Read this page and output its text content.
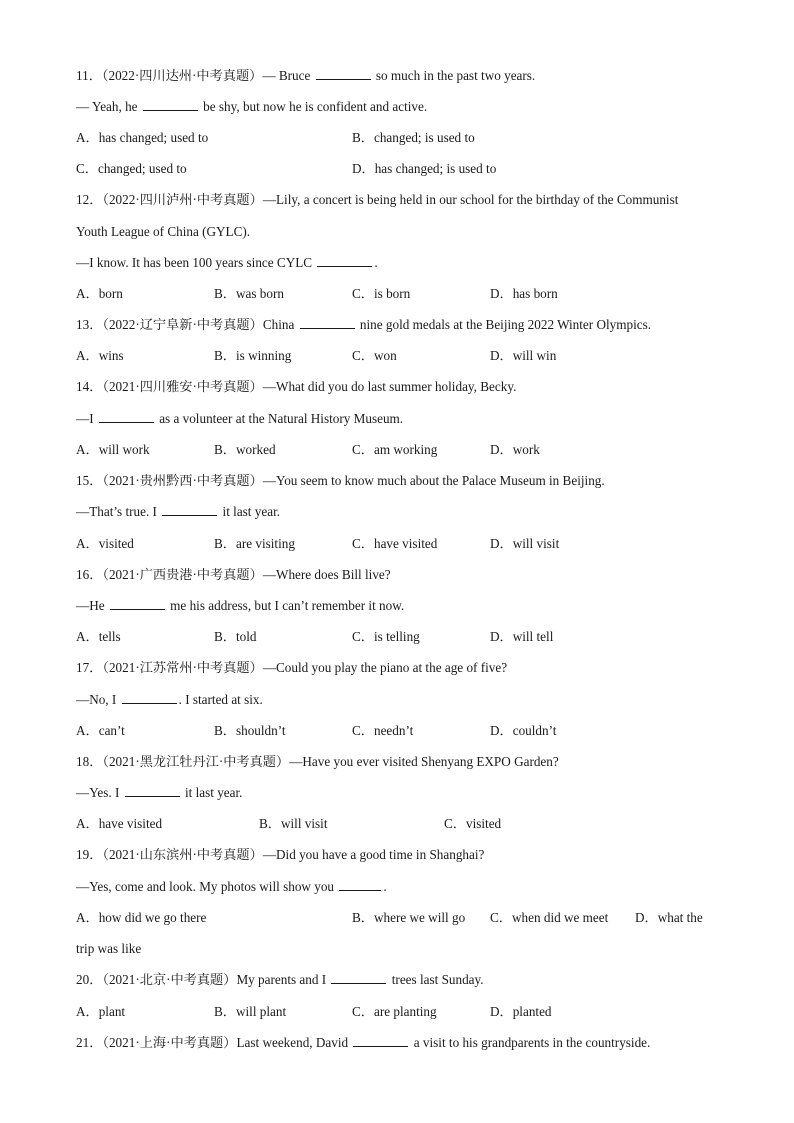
11．（2022·四川达州·中考真题）— Bruce	so much in the past two years.
— Yeah, he	be shy, but now he is confident and active.
A．has changed; used to	B．changed; is used to
C．changed; used to	D．has changed; is used to
12．（2022·四川泸州·中考真题）—Lily, a concert is being held in our school for the birthday of the Communist
Youth League of China (GYLC).
—I know. It has been 100 years since CYLC	.
A．born	B．was born	C．is born	D．has born
13．（2022·辽宁阜新·中考真题）China	nine gold medals at the Beijing 2022 Winter Olympics.
A．wins	B．is winning	C．won	D．will win
14．（2021·四川雅安·中考真题）—What did you do last summer holiday, Becky.
—I	as a volunteer at the Natural History Museum.
A．will work	B．worked	C．am working	D．work
15．（2021·贵州黔西·中考真题）—You seem to know much about the Palace Museum in Beijing.
—That’s true. I	it last year.
A．visited	B．are visiting	C．have visited	D．will visit
16．（2021·广西贵港·中考真题）—Where does Bill live?
—He	me his address, but I can’t remember it now.
A．tells	B．told	C．is telling	D．will tell
17．（2021·江苏常州·中考真题）—Could you play the piano at the age of five?
—No, I	. I started at six.
A．can’t	B．shouldn’t	C．needn’t	D．couldn’t
18．（2021·黑龙江牡丹江·中考真题）—Have you ever visited Shenyang EXPO Garden?
—Yes. I	it last year.
A．have visited	B．will visit	C．visited
19．（2021·山东滨州·中考真题）—Did you have a good time in Shanghai?
—Yes, come and look. My photos will show you	.
A．how did we go there	B．where we will go C．when did we meet D．what the
trip was like
20．（2021·北京·中考真题）My parents and I	trees last Sunday.
A．plant	B．will plant	C．are planting	D．planted
21．（2021·上海·中考真题）Last weekend, David	a visit to his grandparents in the countryside.
